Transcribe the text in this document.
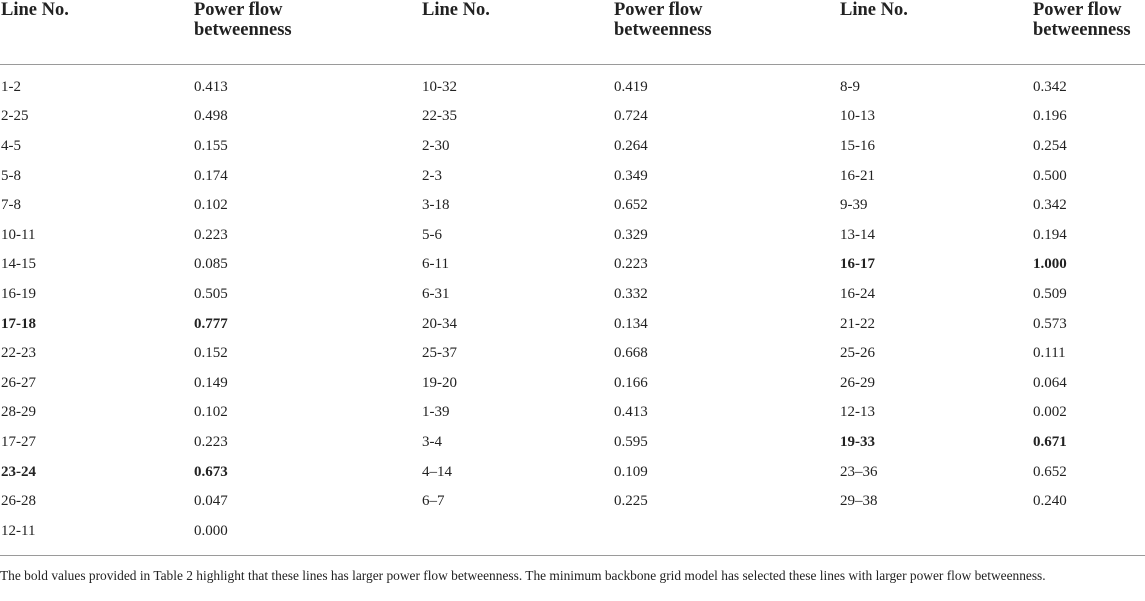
Line No.	Power flow betweenness	Line No.	Power flow betweenness	Line No.	Power flow betweenness

1-2	0.413	10-32	0.419	8-9	0.342
2-25	0.498	22-35	0.724	10-13	0.196
4-5	0.155	2-30	0.264	15-16	0.254
5-8	0.174	2-3	0.349	16-21	0.500
7-8	0.102	3-18	0.652	9-39	0.342
10-11	0.223	5-6	0.329	13-14	0.194
14-15	0.085	6-11	0.223	16-17	1.000
16-19	0.505	6-31	0.332	16-24	0.509
17-18	0.777	20-34	0.134	21-22	0.573
22-23	0.152	25-37	0.668	25-26	0.111
26-27	0.149	19-20	0.166	26-29	0.064
28-29	0.102	1-39	0.413	12-13	0.002
17-27	0.223	3-4	0.595	19-33	0.671
23-24	0.673	4–14	0.109	23–36	0.652
26-28	0.047	6–7	0.225	29–38	0.240
12-11	0.000				
The bold values provided in Table 2 highlight that these lines has larger power flow betweenness. The minimum backbone grid model has selected these lines with larger power flow betweenness.
